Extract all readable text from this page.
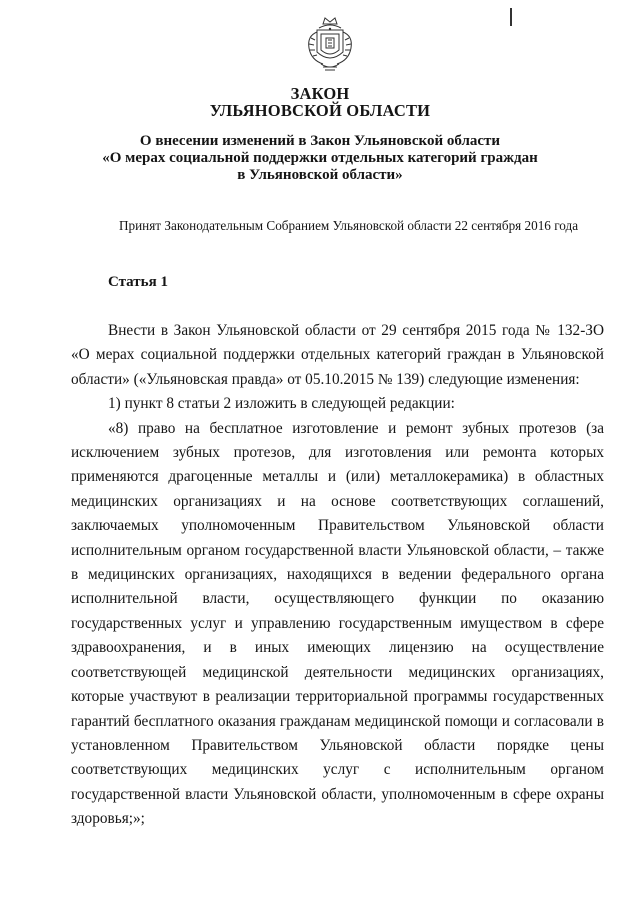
ЗАКОН
УЛЬЯНОВСКОЙ ОБЛАСТИ
О внесении изменений в Закон Ульяновской области
«О мерах социальной поддержки отдельных категорий граждан
в Ульяновской области»
Принят Законодательным Собранием Ульяновской области 22 сентября 2016 года
Статья 1

Внести в Закон Ульяновской области от 29 сентября 2015 года № 132-ЗО «О мерах социальной поддержки отдельных категорий граждан в Ульяновской области» («Ульяновская правда» от 05.10.2015 № 139) следующие изменения:

1) пункт 8 статьи 2 изложить в следующей редакции:

«8) право на бесплатное изготовление и ремонт зубных протезов (за исключением зубных протезов, для изготовления или ремонта которых применяются драгоценные металлы и (или) металлокерамика) в областных медицинских организациях и на основе соответствующих соглашений, заключаемых уполномоченным Правительством Ульяновской области исполнительным органом государственной власти Ульяновской области, – также в медицинских организациях, находящихся в ведении федерального органа исполнительной власти, осуществляющего функции по оказанию государственных услуг и управлению государственным имуществом в сфере здравоохранения, и в иных имеющих лицензию на осуществление соответствующей медицинской деятельности медицинских организациях, которые участвуют в реализации территориальной программы государственных гарантий бесплатного оказания гражданам медицинской помощи и согласовали в установленном Правительством Ульяновской области порядке цены соответствующих медицинских услуг с исполнительным органом государственной власти Ульяновской области, уполномоченным в сфере охраны здоровья;»;
